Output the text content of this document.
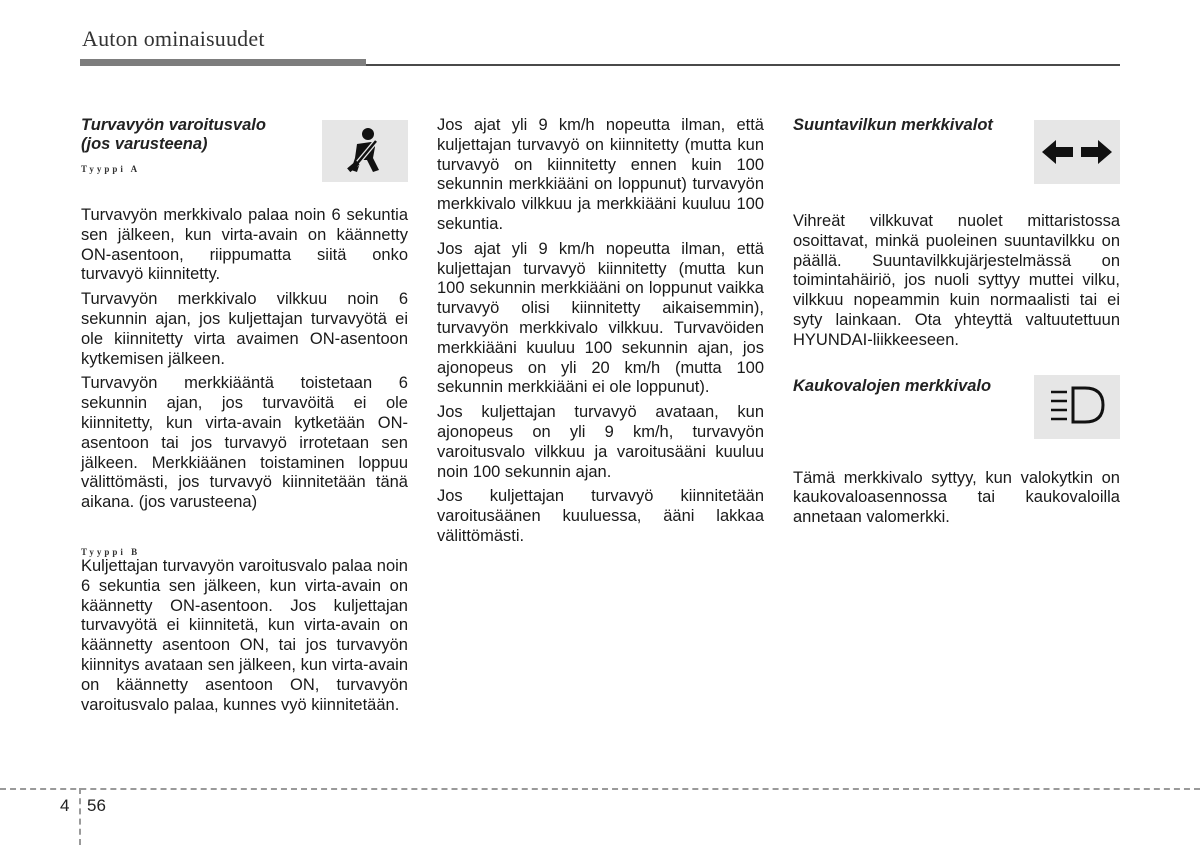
Auton ominaisuudet
Turvavyön varoitusvalo
(jos varusteena)
Tyyppi A

Turvavyön merkkivalo palaa noin 6 sekuntia sen jälkeen, kun virta-avain on käännetty ON-asentoon, riippumatta siitä onko turvavyö kiinnitetty.

Turvavyön merkkivalo vilkkuu noin 6 sekunnin ajan, jos kuljettajan turvavyötä ei ole kiinnitetty virta avaimen ON-asentoon kytkemisen jälkeen.

Turvavyön merkkiääntä toistetaan 6 sekunnin ajan, jos turvavöitä ei ole kiinnitetty, kun virta-avain kytketään ON-asentoon tai jos turvavyö irrotetaan sen jälkeen. Merkkiäänen toistaminen loppuu välittömästi, jos turvavyö kiinnitetään tänä aikana. (jos varusteena)

Tyyppi B

Kuljettajan turvavyön varoitusvalo palaa noin 6 sekuntia sen jälkeen, kun virta-avain on käännetty ON-asentoon. Jos kuljettajan turvavyötä ei kiinnitetä, kun virta-avain on käännetty asentoon ON, tai jos turvavyön kiinnitys avataan sen jälkeen, kun virta-avain on käännetty asentoon ON, turvavyön varoitusvalo palaa, kunnes vyö kiinnitetään.

Jos ajat yli 9 km/h nopeutta ilman, että kuljettajan turvavyö on kiinnitetty (mutta kun turvavyö on kiinnitetty ennen kuin 100 sekunnin merkkiääni on loppunut) turvavyön merkkivalo vilkkuu ja merkkiääni kuuluu 100 sekuntia.

Jos ajat yli 9 km/h nopeutta ilman, että kuljettajan turvavyö kiinnitetty (mutta kun 100 sekunnin merkkiääni on loppunut vaikka turvavyö olisi kiinnitetty aikaisemmin), turvavyön merkkivalo vilkkuu. Turvavöiden merkkiääni kuuluu 100 sekunnin ajan, jos ajonopeus on yli 20 km/h (mutta 100 sekunnin merkkiääni ei ole loppunut).

Jos kuljettajan turvavyö avataan, kun ajonopeus on yli 9 km/h, turvavyön varoitusvalo vilkkuu ja varoitusääni kuuluu noin 100 sekunnin ajan.

Jos kuljettajan turvavyö kiinnitetään varoitusäänen kuuluessa, ääni lakkaa välittömästi.

Suuntavilkun merkkivalot

Vihreät vilkkuvat nuolet mittaristossa osoittavat, minkä puoleinen suuntavilkku on päällä. Suuntavilkkujärjestelmässä on toimintahäiriö, jos nuoli syttyy muttei vilku, vilkkuu nopeammin kuin normaalisti tai ei syty lainkaan. Ota yhteyttä valtuutettuun HYUNDAI-liikkeeseen.

Kaukovalojen merkkivalo

Tämä merkkivalo syttyy, kun valokytkin on kaukovaloasennossa tai kaukovaloilla annetaan valomerkki.

4 56
